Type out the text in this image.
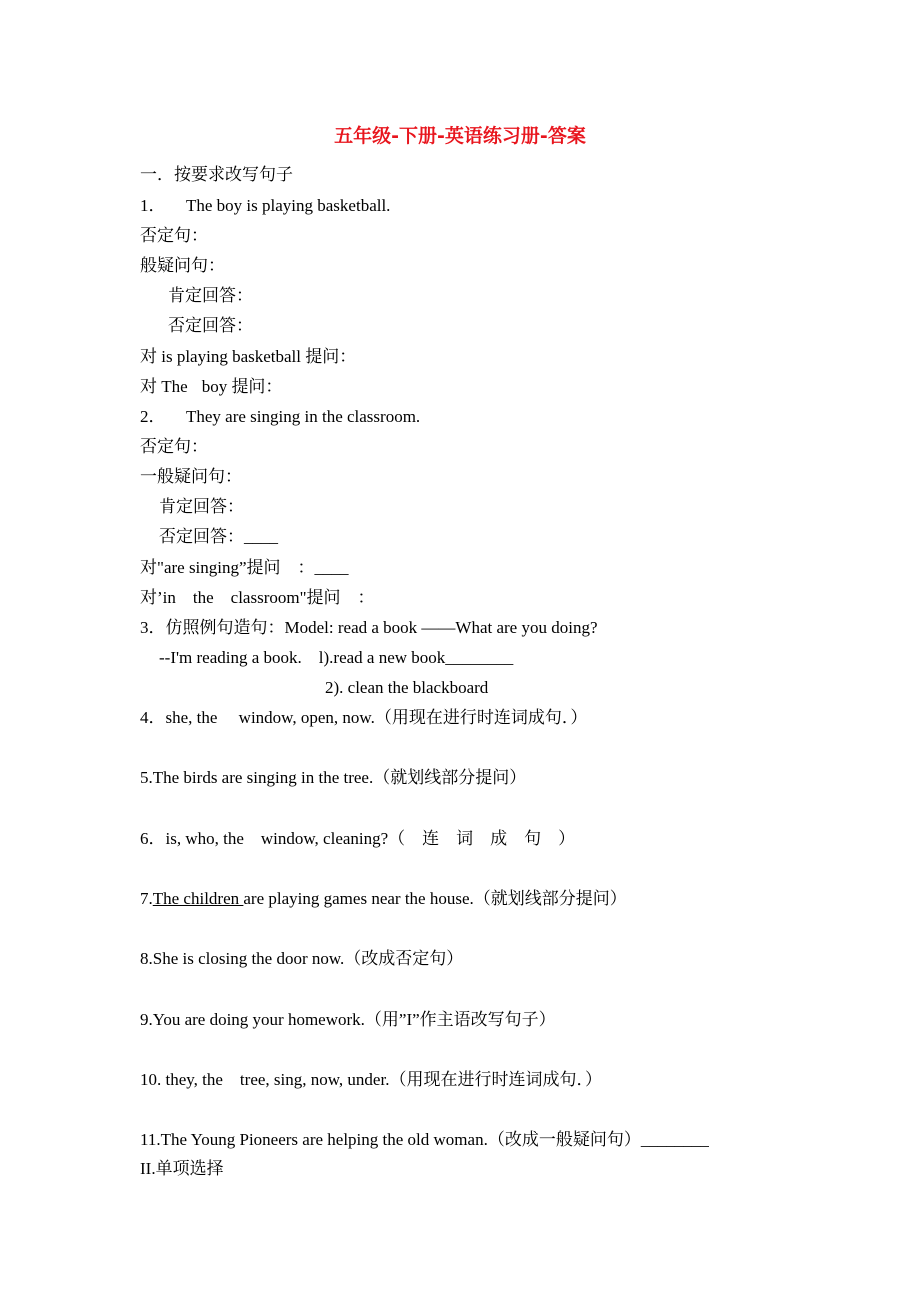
五年级-下册-英语练习册-答案
一．按要求改写句子
1． The boy is playing basketball.
否定句：
般疑问句：
肯定回答：
否定回答：
对 is playing basketball 提问：
对 The boy 提问：
2． They are singing in the classroom.
否定句：
一般疑问句：
肯定回答：
否定回答：____
对"are singing”提问　：____
对’in　the　classroom"提问　：
3．仿照例句造句：Model: read a book ——What are you doing?
--I'm reading a book.　l).read a new book________
2). clean the blackboard
4．she, the　 window, open, now.（用现在进行时连词成句．）
5.The birds are singing in the tree.（就划线部分提问）
6．is, who, the　window, cleaning?（　连　词　成　句　）
7.The children are playing games near the house.（就划线部分提问）
8.She is closing the door now.（改成否定句）
9.You are doing your homework.（用”I”作主语改写句子）
10. they, the　tree, sing, now, under.（用现在进行时连词成句．）
11.The Young Pioneers are helping the old woman.（改成一般疑问句）________
II.单项选择
